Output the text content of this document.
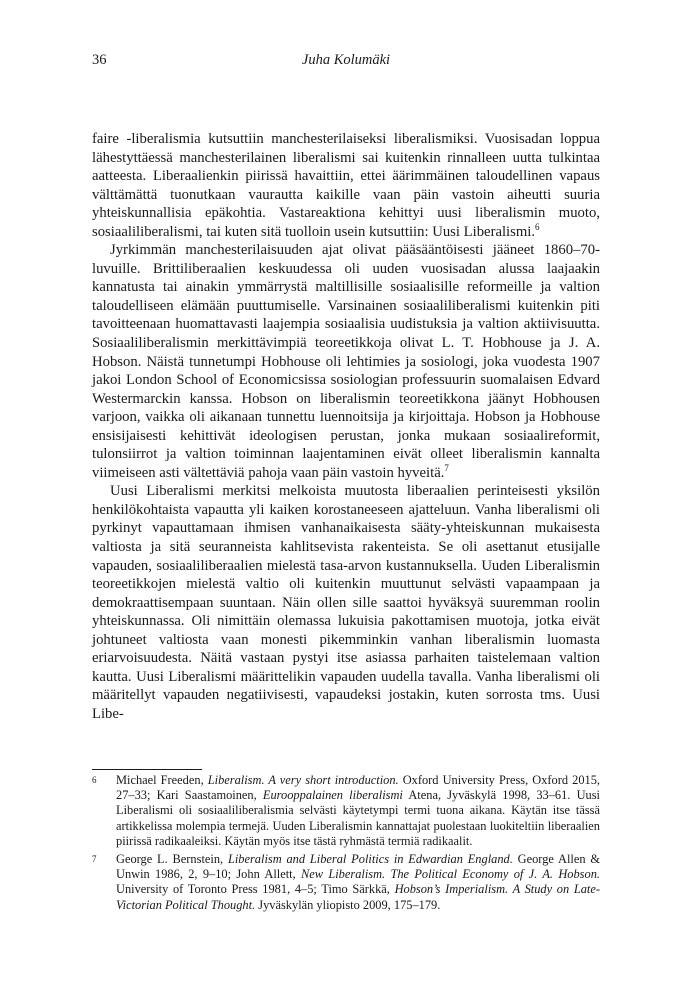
36	Juha Kolumäki

faire -liberalismia kutsuttiin manchesterilaiseksi liberalismiksi. Vuosisadan loppua lähestyttäessä manchesterilainen liberalismi sai kuitenkin rinnalleen uutta tulkintaa aatteesta. Liberaalienkin piirissä havaittiin, ettei äärimmäinen taloudellinen vapaus välttämättä tuonutkaan vaurautta kaikille vaan päin vastoin aiheutti suuria yhteiskunnallisia epäkohtia. Vastareaktiona kehittyi uusi liberalismin muoto, sosiaaliliberalismi, tai kuten sitä tuolloin usein kutsuttiin: Uusi Liberalismi.$^6$

Jyrkimmän manchesterilaisuuden ajat olivat pääsääntöisesti jääneet 1860–70-luvuille. Brittiliberaalien keskuudessa oli uuden vuosisadan alussa laajaakin kannatusta tai ainakin ymmärrystä maltillisille sosiaalisille reformeille ja valtion taloudelliseen elämään puuttumiselle. Varsinainen sosiaaliliberalismi kuitenkin piti tavoitteenaan huomattavasti laajempia sosiaalisia uudistuksia ja valtion aktiivisuutta. Sosiaaliliberalismin merkittävimpiä teoreetikkoja olivat L. T. Hobhouse ja J. A. Hobson. Näistä tunnetumpi Hobhouse oli lehtimies ja sosiologi, joka vuodesta 1907 jakoi London School of Economicsissa sosiologian professuurin suomalaisen Edvard Westermarckin kanssa. Hobson on liberalismin teoreetikkona jäänyt Hobhousen varjoon, vaikka oli aikanaan tunnettu luennoitsija ja kirjoittaja. Hobson ja Hobhouse ensisijaisesti kehittivät ideologisen perustan, jonka mukaan sosiaalireformit, tulonsiirrot ja valtion toiminnan laajentaminen eivät olleet liberalismin kannalta viimeiseen asti vältettäviä pahoja vaan päin vastoin hyveitä.$^7$

Uusi Liberalismi merkitsi melkoista muutosta liberaalien perinteisesti yksilön henkilökohtaista vapautta yli kaiken korostaneeseen ajatteluun. Vanha liberalismi oli pyrkinyt vapauttamaan ihmisen vanhanaikaisesta sääty-yhteiskunnan mukaisesta valtiosta ja sitä seuranneista kahlitsevista rakenteista. Se oli asettanut etusijalle vapauden, sosiaaliliberaalien mielestä tasa-arvon kustannuksella. Uuden Liberalismin teoreetikkojen mielestä valtio oli kuitenkin muuttunut selvästi vapaampaan ja demokraattisempaan suuntaan. Näin ollen sille saattoi hyväksyä suuremman roolin yhteiskunnassa. Oli nimittäin olemassa lukuisia pakottamisen muotoja, jotka eivät johtuneet valtiosta vaan monesti pikemminkin vanhan liberalismin luomasta eriarvoisuudesta. Näitä vastaan pystyi itse asiassa parhaiten taistelemaan valtion kautta. Uusi Liberalismi määrittelikin vapauden uudella tavalla. Vanha liberalismi oli määritellyt vapauden negatiivisesti, vapaudeksi jostakin, kuten sorrosta tms. Uusi Libe-

6 Michael Freeden, Liberalism. A very short introduction. Oxford University Press, Oxford 2015, 27–33; Kari Saastamoinen, Eurooppalainen liberalismi Atena, Jyväskylä 1998, 33–61. Uusi Liberalismi oli sosiaaliliberalismia selvästi käytetympi termi tuona aikana. Käytän itse tässä artikkelissa molempia termejä. Uuden Liberalismin kannattajat puolestaan luokiteltiin liberaalien piirissä radikaaleiksi. Käytän myös itse tästä ryhmästä termiä radikaalit.

7 George L. Bernstein, Liberalism and Liberal Politics in Edwardian England. George Allen & Unwin 1986, 2, 9–10; John Allett, New Liberalism. The Political Economy of J. A. Hobson. University of Toronto Press 1981, 4–5; Timo Särkkä, Hobson’s Imperialism. A Study on Late-Victorian Political Thought. Jyväskylän yliopisto 2009, 175–179.
